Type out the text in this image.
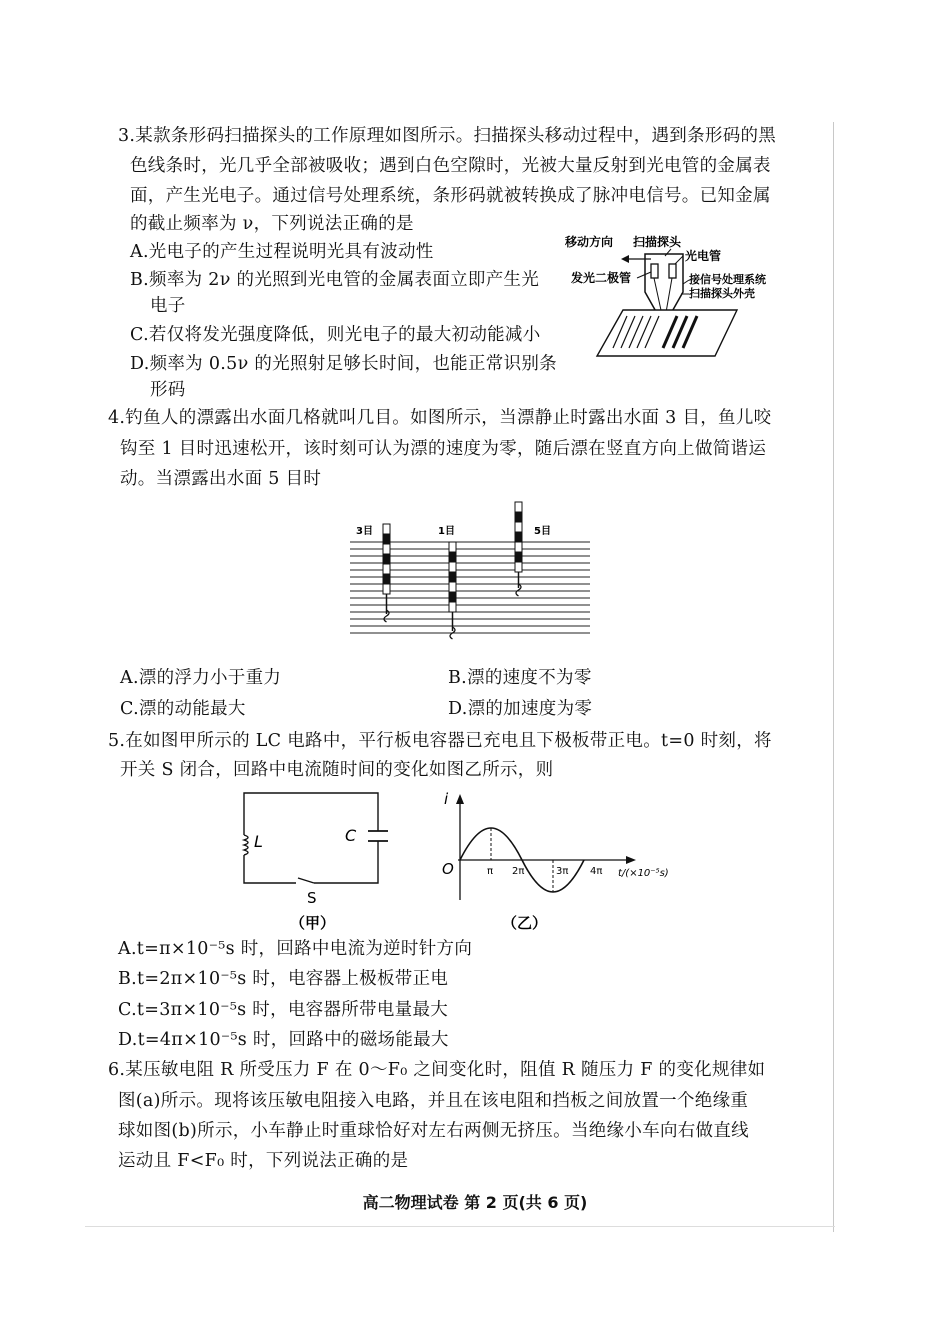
3.某款条形码扫描探头的工作原理如图所示。扫描探头移动过程中，遇到条形码的黑
色线条时，光几乎全部被吸收；遇到白色空隙时，光被大量反射到光电管的金属表
面，产生光电子。通过信号处理系统，条形码就被转换成了脉冲电信号。已知金属
的截止频率为 ν，下列说法正确的是
A.光电子的产生过程说明光具有波动性
B.频率为 2ν 的光照到光电管的金属表面立即产生光
电子
C.若仅将发光强度降低，则光电子的最大初动能减小
D.频率为 0.5ν 的光照射足够长时间，也能正常识别条
形码
移动方向 扫描探头
光电管
发光二极管	接信号处理系统
扫描探头外壳
4.钓鱼人的漂露出水面几格就叫几目。如图所示，当漂静止时露出水面 3 目，鱼儿咬
钩至 1 目时迅速松开，该时刻可认为漂的速度为零，随后漂在竖直方向上做简谐运
动。当漂露出水面 5 目时
3目	1目	5目
A.漂的浮力小于重力	B.漂的速度不为零
C.漂的动能最大	D.漂的加速度为零
5.在如图甲所示的 LC 电路中，平行板电容器已充电且下极板带正电。t=0 时刻，将
开关 S 闭合，回路中电流随时间的变化如图乙所示，则
L	C
S
（甲）
i
O	π 2π	3π 4π t/(×10⁻⁵s)
（乙）
A.t=π×10⁻⁵s 时，回路中电流为逆时针方向
B.t=2π×10⁻⁵s 时，电容器上极板带正电
C.t=3π×10⁻⁵s 时，电容器所带电量最大
D.t=4π×10⁻⁵s 时，回路中的磁场能最大
6.某压敏电阻 R 所受压力 F 在 0～F₀ 之间变化时，阻值 R 随压力 F 的变化规律如
图(a)所示。现将该压敏电阻接入电路，并且在该电阻和挡板之间放置一个绝缘重
球如图(b)所示，小车静止时重球恰好对左右两侧无挤压。当绝缘小车向右做直线
运动且 F<F₀ 时，下列说法正确的是
高二物理试卷 第 2 页(共 6 页)
